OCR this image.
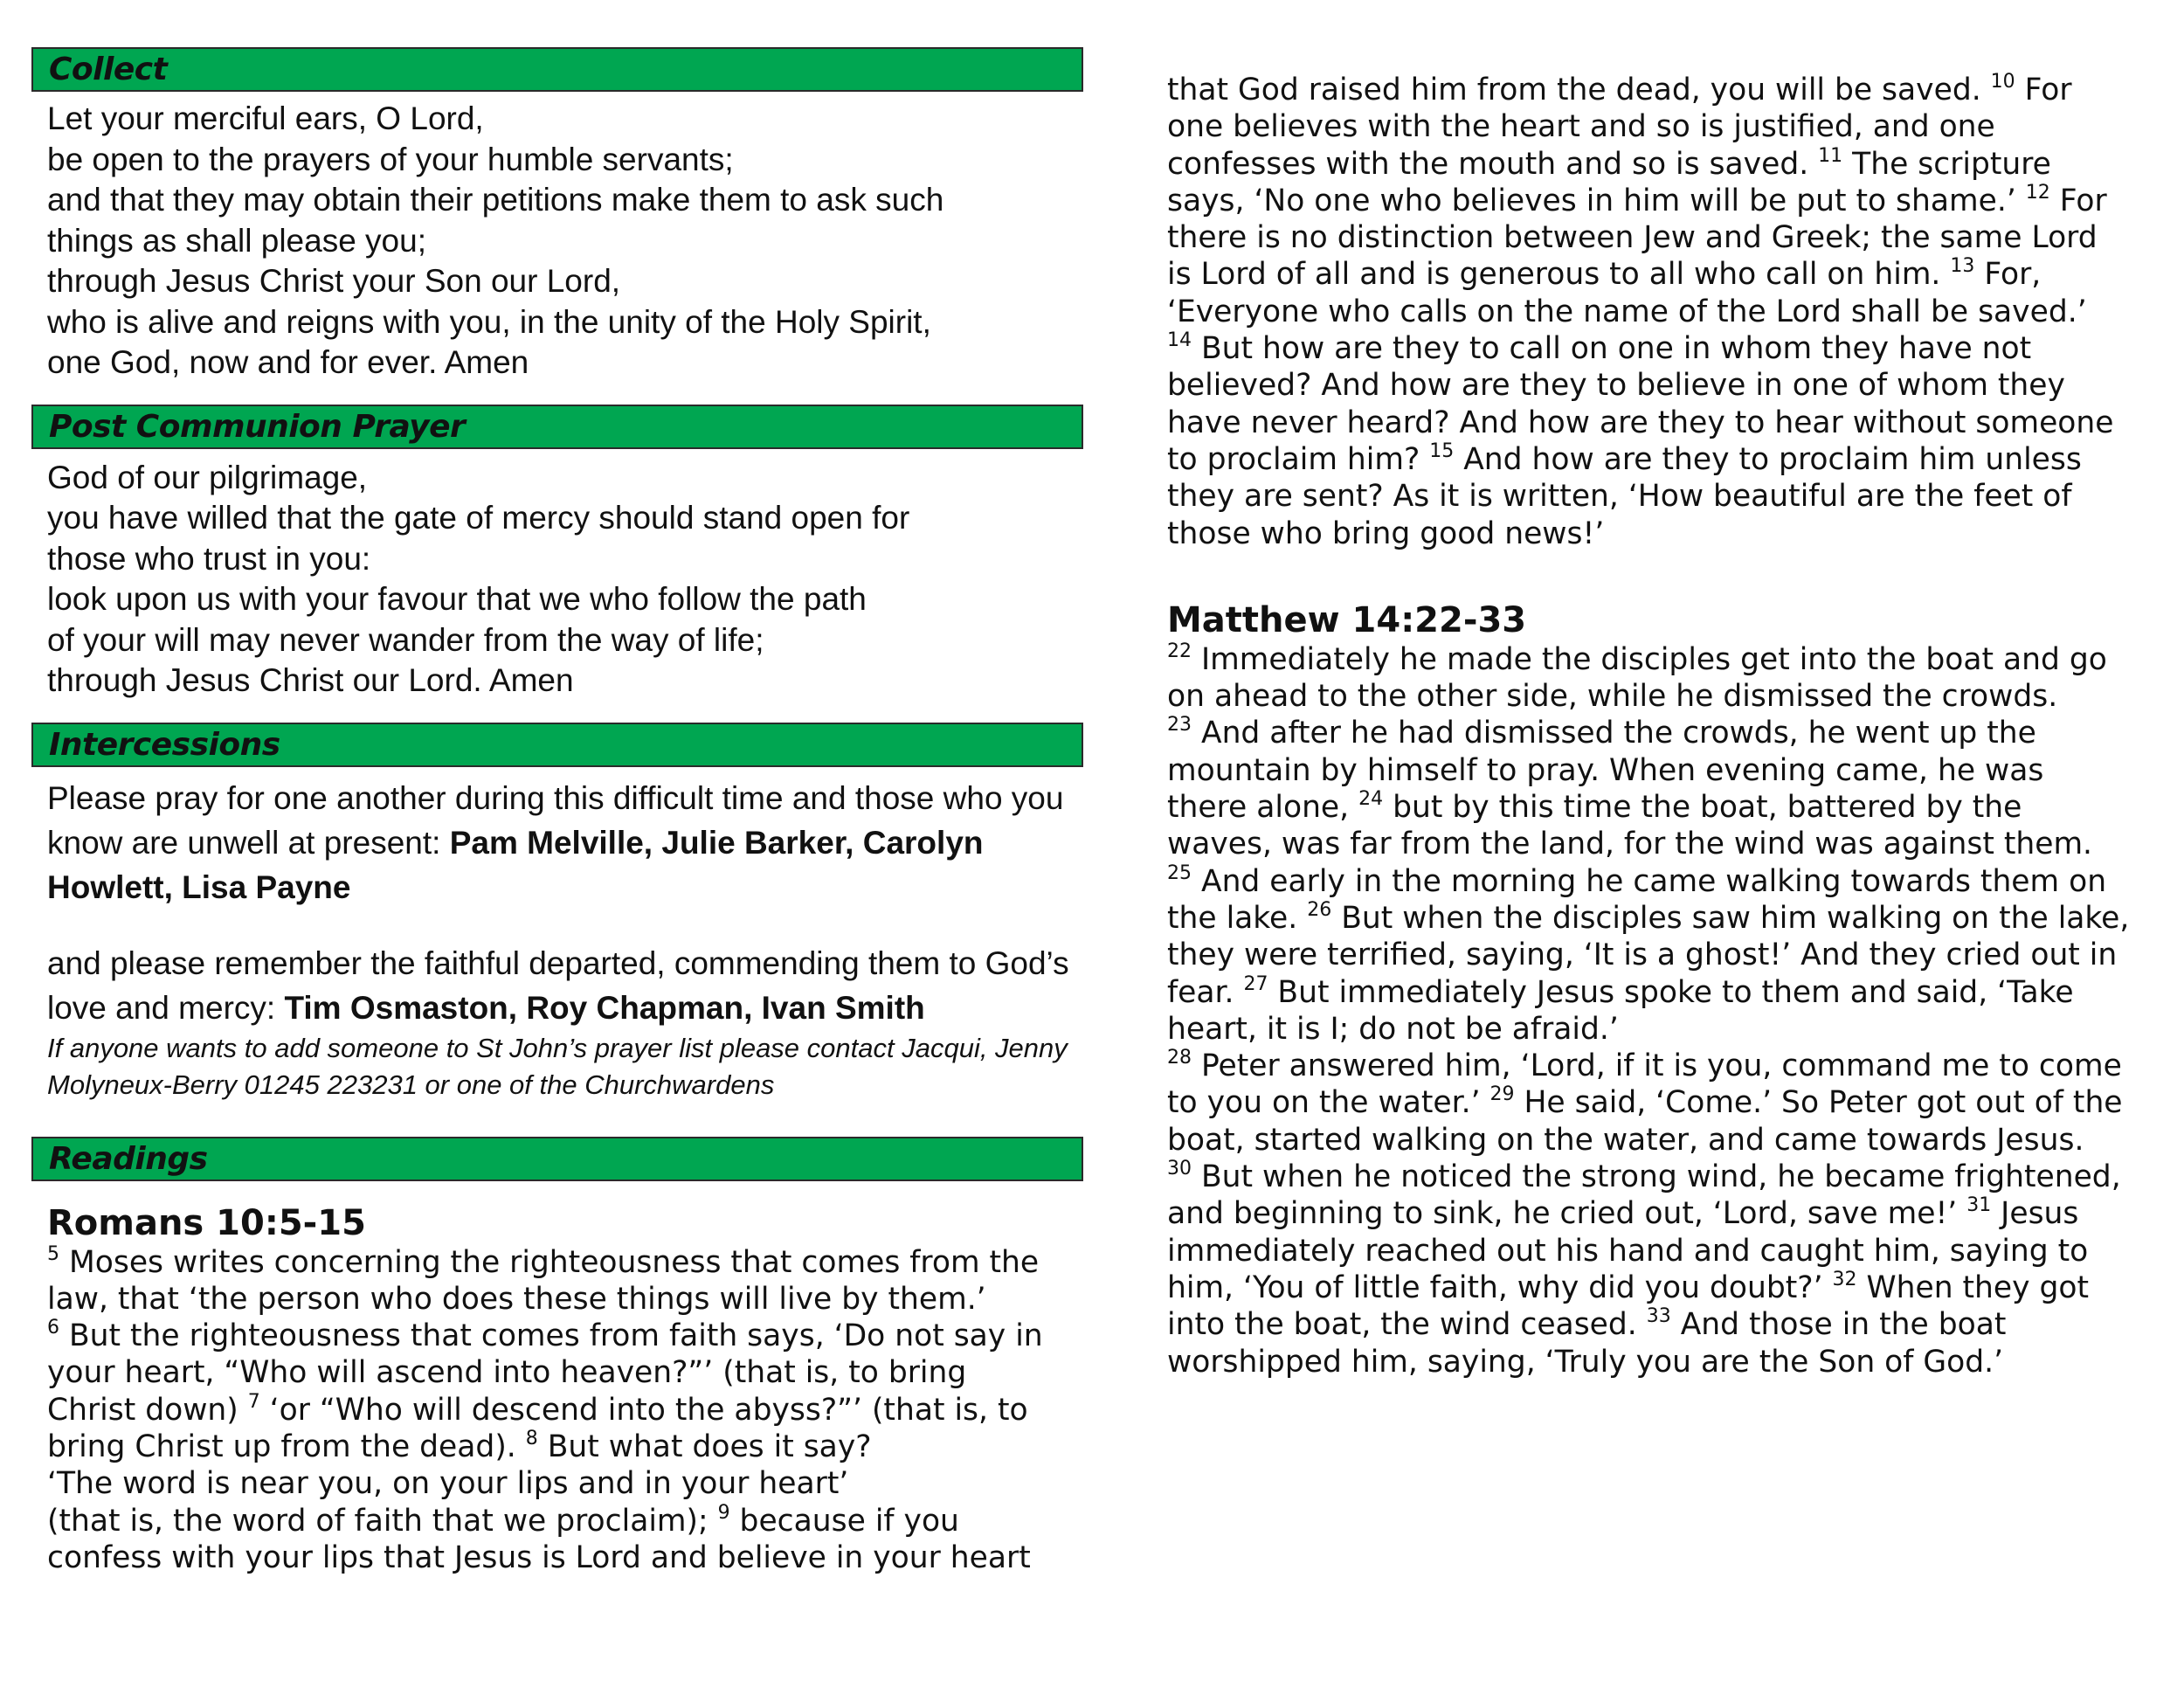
Collect
Let your merciful ears, O Lord,
be open to the prayers of your humble servants;
and that they may obtain their petitions make them to ask such
things as shall please you;
through Jesus Christ your Son our Lord,
who is alive and reigns with you, in the unity of the Holy Spirit,
one God, now and for ever. Amen
Post Communion Prayer
God of our pilgrimage,
you have willed that the gate of mercy should stand open for
those who trust in you:
look upon us with your favour that we who follow the path
of your will may never wander from the way of life;
through Jesus Christ our Lord. Amen
Intercessions

Please pray for one another during this difficult time and those who you know are unwell at present: Pam Melville, Julie Barker, Carolyn Howlett, Lisa Payne

and please remember the faithful departed, commending them to God’s love and mercy: Tim Osmaston, Roy Chapman, Ivan Smith

If anyone wants to add someone to St John’s prayer list please contact Jacqui, Jenny Molyneux-Berry 01245 223231 or one of the Churchwardens

Readings
Romans 10:5-15
$^5$ Moses writes concerning the righteousness that comes from the
law, that ‘the person who does these things will live by them.’
$^6$ But the righteousness that comes from faith says, ‘Do not say in
your heart, “Who will ascend into heaven?”’ (that is, to bring
Christ down) $^7$ ‘or “Who will descend into the abyss?”’ (that is, to
bring Christ up from the dead). $^8$ But what does it say?
‘The word is near you, on your lips and in your heart’
(that is, the word of faith that we proclaim); $^9$ because if you
confess with your lips that Jesus is Lord and believe in your heart
that God raised him from the dead, you will be saved. $^{10}$ For
one believes with the heart and so is justified, and one
confesses with the mouth and so is saved. $^{11}$ The scripture
says, ‘No one who believes in him will be put to shame.’ $^{12}$ For
there is no distinction between Jew and Greek; the same Lord
is Lord of all and is generous to all who call on him. $^{13}$ For,
‘Everyone who calls on the name of the Lord shall be saved.’
$^{14}$ But how are they to call on one in whom they have not
believed? And how are they to believe in one of whom they
have never heard? And how are they to hear without someone
to proclaim him? $^{15}$ And how are they to proclaim him unless
they are sent? As it is written, ‘How beautiful are the feet of
those who bring good news!’
Matthew 14:22-33
$^{22}$ Immediately he made the disciples get into the boat and go
on ahead to the other side, while he dismissed the crowds.
$^{23}$ And after he had dismissed the crowds, he went up the
mountain by himself to pray. When evening came, he was
there alone, $^{24}$ but by this time the boat, battered by the
waves, was far from the land, for the wind was against them.
$^{25}$ And early in the morning he came walking towards them on
the lake. $^{26}$ But when the disciples saw him walking on the lake,
they were terrified, saying, ‘It is a ghost!’ And they cried out in
fear. $^{27}$ But immediately Jesus spoke to them and said, ‘Take
heart, it is I; do not be afraid.’
$^{28}$ Peter answered him, ‘Lord, if it is you, command me to come
to you on the water.’ $^{29}$ He said, ‘Come.’ So Peter got out of the
boat, started walking on the water, and came towards Jesus.
$^{30}$ But when he noticed the strong wind, he became frightened,
and beginning to sink, he cried out, ‘Lord, save me!’ $^{31}$ Jesus
immediately reached out his hand and caught him, saying to
him, ‘You of little faith, why did you doubt?’ $^{32}$ When they got
into the boat, the wind ceased. $^{33}$ And those in the boat
worshipped him, saying, ‘Truly you are the Son of God.’
